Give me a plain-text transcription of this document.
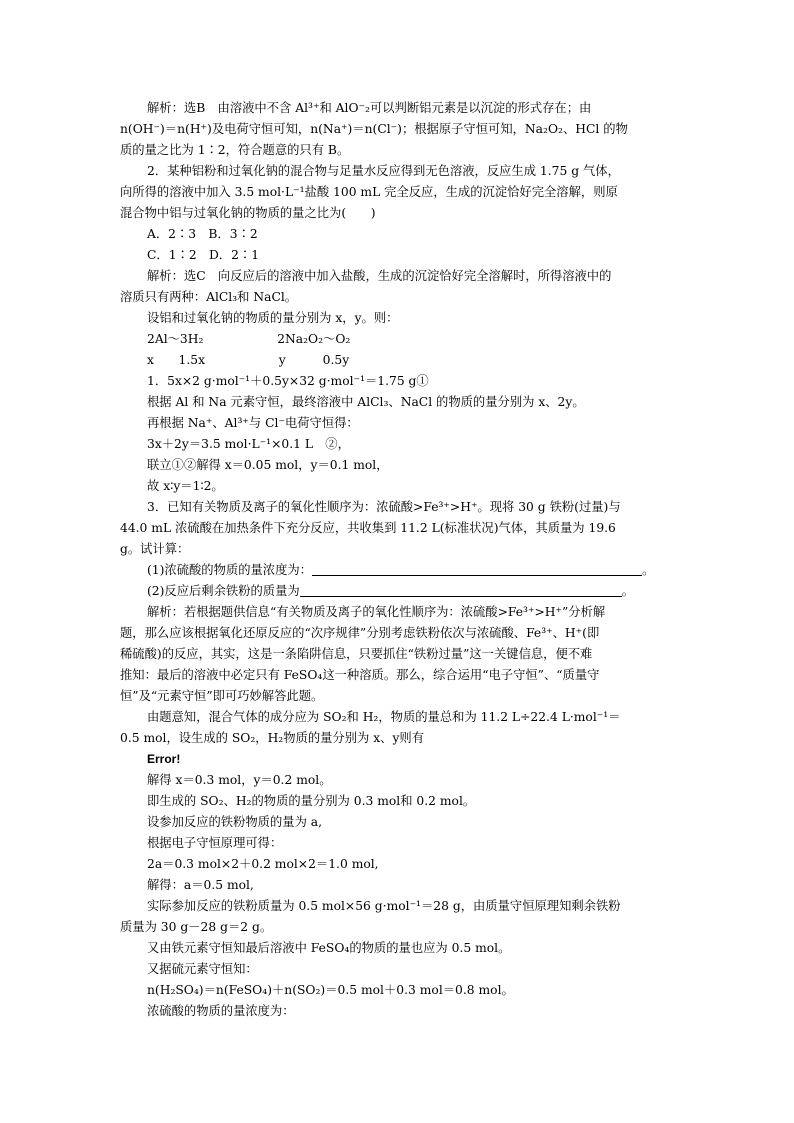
解析：选B　由溶液中不含 Al³⁺和 AlO⁻₂可以判断铝元素是以沉淀的形式存在；由
n(OH⁻)＝n(H⁺)及电荷守恒可知，n(Na⁺)＝n(Cl⁻)；根据原子守恒可知，Na₂O₂、HCl 的物
质的量之比为 1∶2，符合题意的只有 B。
2．某种铝粉和过氧化钠的混合物与足量水反应得到无色溶液，反应生成 1.75 g 气体，
向所得的溶液中加入 3.5 mol·L⁻¹盐酸 100 mL 完全反应，生成的沉淀恰好完全溶解，则原
混合物中铝与过氧化钠的物质的量之比为(　　)
A．2∶3　B．3∶2
C．1∶2　D．2∶1
解析：选C　向反应后的溶液中加入盐酸，生成的沉淀恰好完全溶解时，所得溶液中的
溶质只有两种：AlCl₃和 NaCl。
设铝和过氧化钠的物质的量分别为 x，y。则：
2Al～3H₂　　　　　　2Na₂O₂～O₂
x　　1.5x　　　　　　y　　　0.5y
1．5x×2 g·mol⁻¹＋0.5y×32 g·mol⁻¹＝1.75 g①
根据 Al 和 Na 元素守恒，最终溶液中 AlCl₃、NaCl 的物质的量分别为 x、2y。
再根据 Na⁺、Al³⁺与 Cl⁻电荷守恒得：
3x＋2y＝3.5 mol·L⁻¹×0.1 L　②，
联立①②解得 x＝0.05 mol，y＝0.1 mol，
故 x∶y＝1∶2。
3．已知有关物质及离子的氧化性顺序为：浓硫酸>Fe³⁺>H⁺。现将 30 g 铁粉(过量)与
44.0 mL 浓硫酸在加热条件下充分反应，共收集到 11.2 L(标准状况)气体，其质量为 19.6
g。试计算：
(1)浓硫酸的物质的量浓度为：	。
(2)反应后剩余铁粉的质量为	。
解析：若根据题供信息“有关物质及离子的氧化性顺序为：浓硫酸>Fe³⁺>H⁺”分析解
题，那么应该根据氧化还原反应的“次序规律”分别考虑铁粉依次与浓硫酸、Fe³⁺、H⁺(即
稀硫酸)的反应，其实，这是一条陷阱信息，只要抓住“铁粉过量”这一关键信息，便不难
推知：最后的溶液中必定只有 FeSO₄这一种溶质。那么，综合运用“电子守恒”、“质量守
恒”及“元素守恒”即可巧妙解答此题。
由题意知，混合气体的成分应为 SO₂和 H₂，物质的量总和为 11.2 L÷22.4 L·mol⁻¹＝
0.5 mol，设生成的 SO₂，H₂物质的量分别为 x、y则有
Error!
解得 x＝0.3 mol，y＝0.2 mol。
即生成的 SO₂、H₂的物质的量分别为 0.3 mol和 0.2 mol。
设参加反应的铁粉物质的量为 a,
根据电子守恒原理可得：
2a＝0.3 mol×2＋0.2 mol×2＝1.0 mol,
解得：a＝0.5 mol,
实际参加反应的铁粉质量为 0.5 mol×56 g·mol⁻¹＝28 g，由质量守恒原理知剩余铁粉
质量为 30 g－28 g＝2 g。
又由铁元素守恒知最后溶液中 FeSO₄的物质的量也应为 0.5 mol。
又据硫元素守恒知：
n(H₂SO₄)＝n(FeSO₄)＋n(SO₂)＝0.5 mol＋0.3 mol＝0.8 mol。
浓硫酸的物质的量浓度为：
